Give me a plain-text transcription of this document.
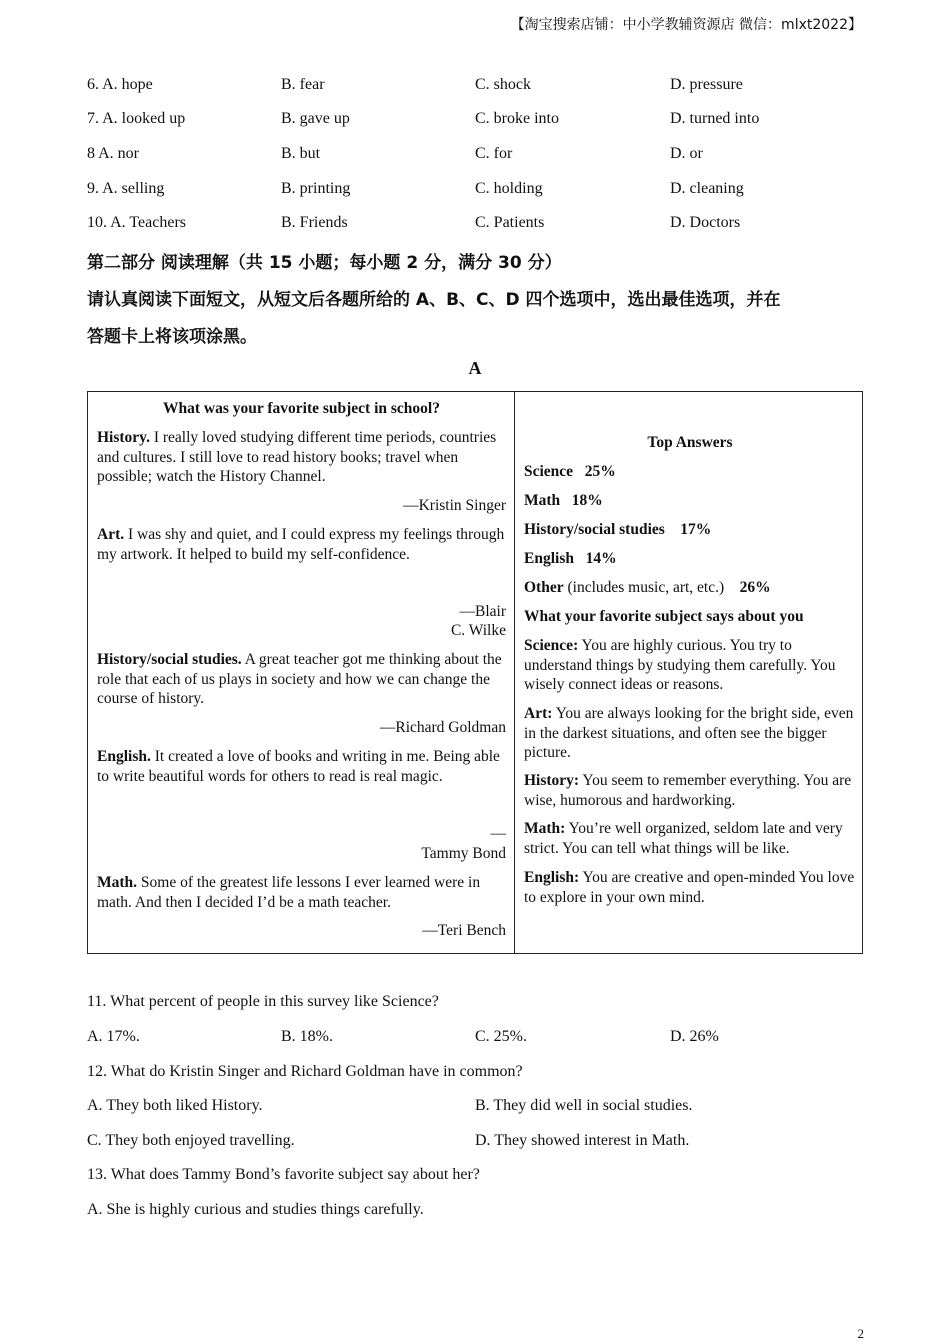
【淘宝搜索店铺：中小学教辅资源店 微信：mlxt2022】
6. A. hope	B. fear	C. shock	D. pressure
7. A. looked up	B. gave up	C. broke into	D. turned into
8 A. nor	B. but	C. for	D. or
9. A. selling	B. printing	C. holding	D. cleaning
10. A. Teachers	B. Friends	C. Patients	D. Doctors
第二部分 阅读理解（共 15 小题；每小题 2 分，满分 30 分）
请认真阅读下面短文，从短文后各题所给的 A、B、C、D 四个选项中，选出最佳选项，并在
答题卡上将该项涂黑。
A
What was your favorite subject in school?
History. I really loved studying different time periods, countries and cultures. I still love to read history books; travel when possible; watch the History Channel.
—Kristin Singer
Art. I was shy and quiet, and I could express my feelings through my artwork. It helped to build my self-confidence.
—Blair
C. Wilke
History/social studies. A great teacher got me thinking about the role that each of us plays in society and how we can change the course of history.
—Richard Goldman
English. It created a love of books and writing in me. Being able to write beautiful words for others to read is real magic.
—
Tammy Bond
Math. Some of the greatest life lessons I ever learned were in math. And then I decided I’d be a math teacher.
—Teri Bench
Top Answers
Science 25%
Math 18%
History/social studies 17%
English 14%
Other (includes music, art, etc.) 26%
What your favorite subject says about you
Science: You are highly curious. You try to understand things by studying them carefully. You wisely connect ideas or reasons.
Art: You are always looking for the bright side, even in the darkest situations, and often see the bigger picture.
History: You seem to remember everything. You are wise, humorous and hardworking.
Math: You’re well organized, seldom late and very strict. You can tell what things will be like.
English: You are creative and open-minded You love to explore in your own mind.
11. What percent of people in this survey like Science?
A. 17%.	B. 18%.	C. 25%.	D. 26%
12. What do Kristin Singer and Richard Goldman have in common?
A. They both liked History.	B. They did well in social studies.
C. They both enjoyed travelling.	D. They showed interest in Math.
13. What does Tammy Bond’s favorite subject say about her?
A. She is highly curious and studies things carefully.
2
